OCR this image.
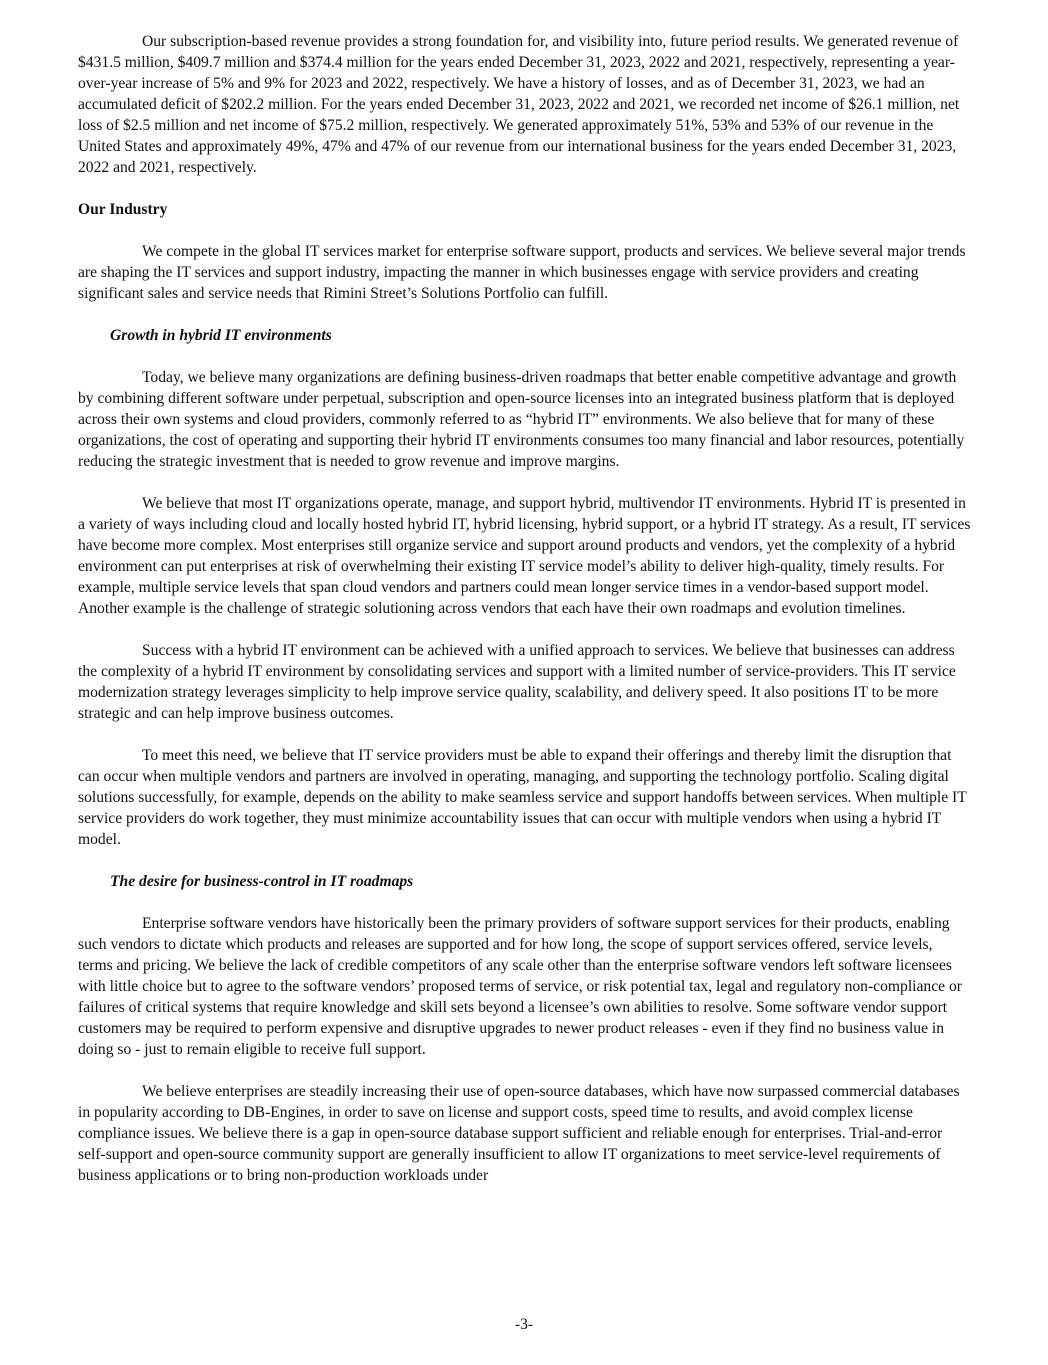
Our subscription-based revenue provides a strong foundation for, and visibility into, future period results. We generated revenue of $431.5 million, $409.7 million and $374.4 million for the years ended December 31, 2023, 2022 and 2021, respectively, representing a year-over-year increase of 5% and 9% for 2023 and 2022, respectively. We have a history of losses, and as of December 31, 2023, we had an accumulated deficit of $202.2 million. For the years ended December 31, 2023, 2022 and 2021, we recorded net income of $26.1 million, net loss of $2.5 million and net income of $75.2 million, respectively. We generated approximately 51%, 53% and 53% of our revenue in the United States and approximately 49%, 47% and 47% of our revenue from our international business for the years ended December 31, 2023, 2022 and 2021, respectively.

Our Industry

We compete in the global IT services market for enterprise software support, products and services. We believe several major trends are shaping the IT services and support industry, impacting the manner in which businesses engage with service providers and creating significant sales and service needs that Rimini Street’s Solutions Portfolio can fulfill.

Growth in hybrid IT environments

Today, we believe many organizations are defining business-driven roadmaps that better enable competitive advantage and growth by combining different software under perpetual, subscription and open-source licenses into an integrated business platform that is deployed across their own systems and cloud providers, commonly referred to as “hybrid IT” environments. We also believe that for many of these organizations, the cost of operating and supporting their hybrid IT environments consumes too many financial and labor resources, potentially reducing the strategic investment that is needed to grow revenue and improve margins.

We believe that most IT organizations operate, manage, and support hybrid, multivendor IT environments. Hybrid IT is presented in a variety of ways including cloud and locally hosted hybrid IT, hybrid licensing, hybrid support, or a hybrid IT strategy. As a result, IT services have become more complex. Most enterprises still organize service and support around products and vendors, yet the complexity of a hybrid environment can put enterprises at risk of overwhelming their existing IT service model’s ability to deliver high-quality, timely results. For example, multiple service levels that span cloud vendors and partners could mean longer service times in a vendor-based support model. Another example is the challenge of strategic solutioning across vendors that each have their own roadmaps and evolution timelines.

Success with a hybrid IT environment can be achieved with a unified approach to services. We believe that businesses can address the complexity of a hybrid IT environment by consolidating services and support with a limited number of service-providers. This IT service modernization strategy leverages simplicity to help improve service quality, scalability, and delivery speed. It also positions IT to be more strategic and can help improve business outcomes.

To meet this need, we believe that IT service providers must be able to expand their offerings and thereby limit the disruption that can occur when multiple vendors and partners are involved in operating, managing, and supporting the technology portfolio. Scaling digital solutions successfully, for example, depends on the ability to make seamless service and support handoffs between services. When multiple IT service providers do work together, they must minimize accountability issues that can occur with multiple vendors when using a hybrid IT model.

The desire for business-control in IT roadmaps

Enterprise software vendors have historically been the primary providers of software support services for their products, enabling such vendors to dictate which products and releases are supported and for how long, the scope of support services offered, service levels, terms and pricing. We believe the lack of credible competitors of any scale other than the enterprise software vendors left software licensees with little choice but to agree to the software vendors’ proposed terms of service, or risk potential tax, legal and regulatory non-compliance or failures of critical systems that require knowledge and skill sets beyond a licensee’s own abilities to resolve. Some software vendor support customers may be required to perform expensive and disruptive upgrades to newer product releases - even if they find no business value in doing so - just to remain eligible to receive full support.

We believe enterprises are steadily increasing their use of open-source databases, which have now surpassed commercial databases in popularity according to DB-Engines, in order to save on license and support costs, speed time to results, and avoid complex license compliance issues. We believe there is a gap in open-source database support sufficient and reliable enough for enterprises. Trial-and-error self-support and open-source community support are generally insufficient to allow IT organizations to meet service-level requirements of business applications or to bring non-production workloads under

-3-
